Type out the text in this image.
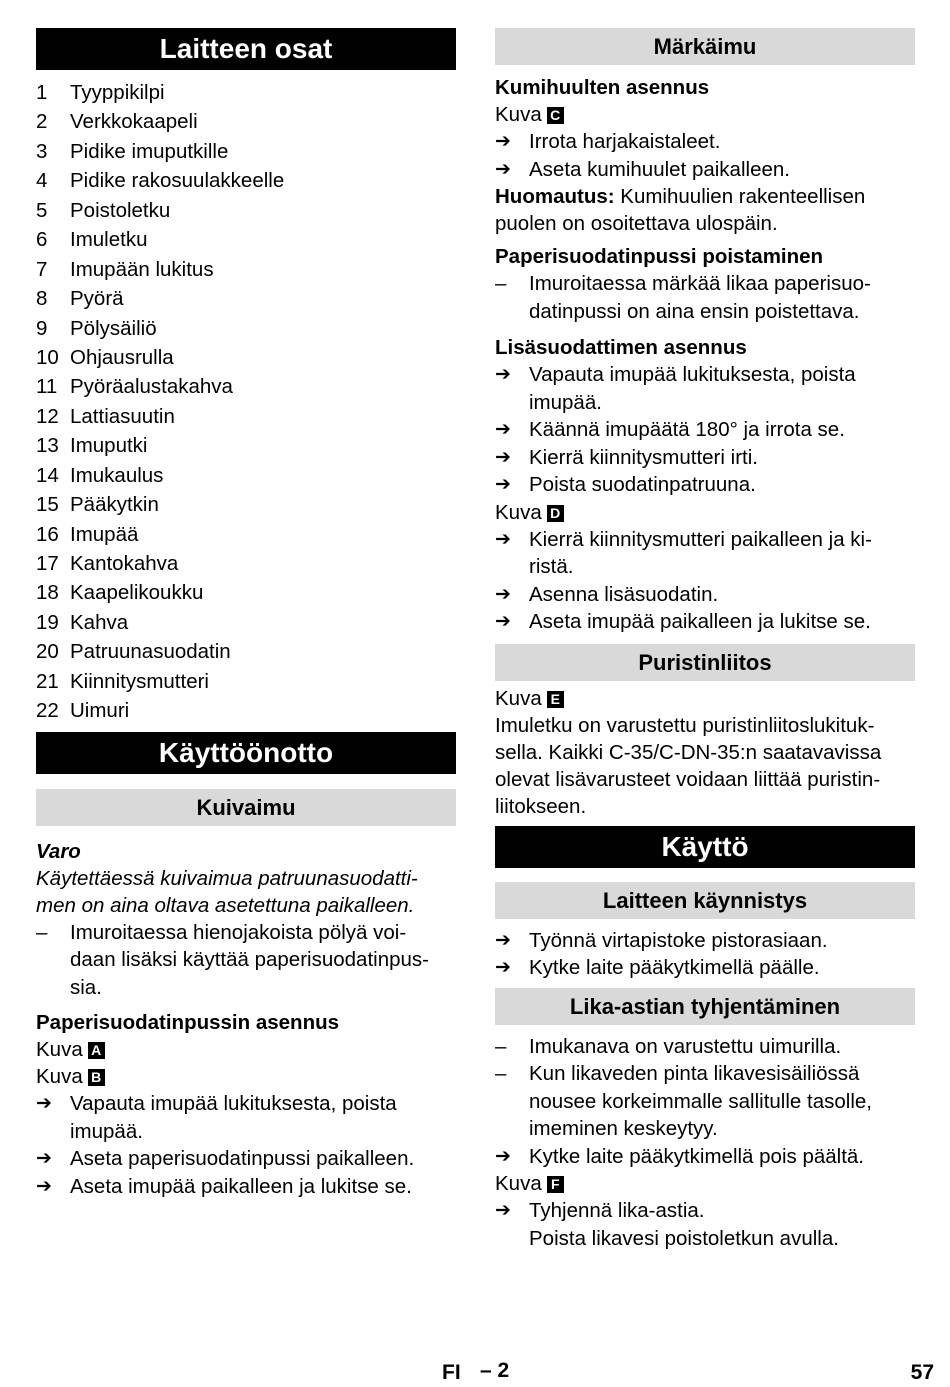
Laitteen osat
1	Tyyppikilpi
2	Verkkokaapeli
3	Pidike imuputkille
4	Pidike rakosuulakkeelle
5	Poistoletku
6	Imuletku
7	Imupään lukitus
8	Pyörä
9	Pölysäiliö
10 Ohjausrulla
11 Pyöräalustakahva
12 Lattiasuutin
13 Imuputki
14 Imukaulus
15 Pääkytkin
16 Imupää
17 Kantokahva
18 Kaapelikoukku
19 Kahva
20 Patruunasuodatin
21 Kiinnitysmutteri
22 Uimuri
Käyttöönotto
Kuivaimu
Varo
Käytettäessä kuivaimua patruunasuodatti-
men on aina oltava asetettuna paikalleen.
–	Imuroitaessa hienojakoista pölyä voi-
daan lisäksi käyttää paperisuodatinpus-
sia.
Paperisuodatinpussin asennus
Kuva A
Kuva B
➔ Vapauta imupää lukituksesta, poista
imupää.
➔ Aseta paperisuodatinpussi paikalleen.
➔ Aseta imupää paikalleen ja lukitse se.
Märkäimu
Kumihuulten asennus
Kuva C
➔ Irrota harjakaistaleet.
➔ Aseta kumihuulet paikalleen.
Huomautus: Kumihuulien rakenteellisen
puolen on osoitettava ulospäin.
Paperisuodatinpussi poistaminen
–	Imuroitaessa märkää likaa paperisuo-
datinpussi on aina ensin poistettava.
Lisäsuodattimen asennus
➔ Vapauta imupää lukituksesta, poista
imupää.
➔ Käännä imupäätä 180° ja irrota se.
➔ Kierrä kiinnitysmutteri irti.
➔ Poista suodatinpatruuna.
Kuva D
➔ Kierrä kiinnitysmutteri paikalleen ja ki-
ristä.
➔ Asenna lisäsuodatin.
➔ Aseta imupää paikalleen ja lukitse se.
Puristinliitos
Kuva E
Imuletku on varustettu puristinliitoslukituk-
sella. Kaikki C-35/C-DN-35:n saatavavissa
olevat lisävarusteet voidaan liittää puristin-
liitokseen.
Käyttö
Laitteen käynnistys
➔ Työnnä virtapistoke pistorasiaan.
➔ Kytke laite pääkytkimellä päälle.
Lika-astian tyhjentäminen
–	Imukanava on varustettu uimurilla.
–	Kun likaveden pinta likavesisäiliössä
nousee korkeimmalle sallitulle tasolle,
imeminen keskeytyy.
➔ Kytke laite pääkytkimellä pois päältä.
Kuva F
➔ Tyhjennä lika-astia.
Poista likavesi poistoletkun avulla.
FI – 2	57
